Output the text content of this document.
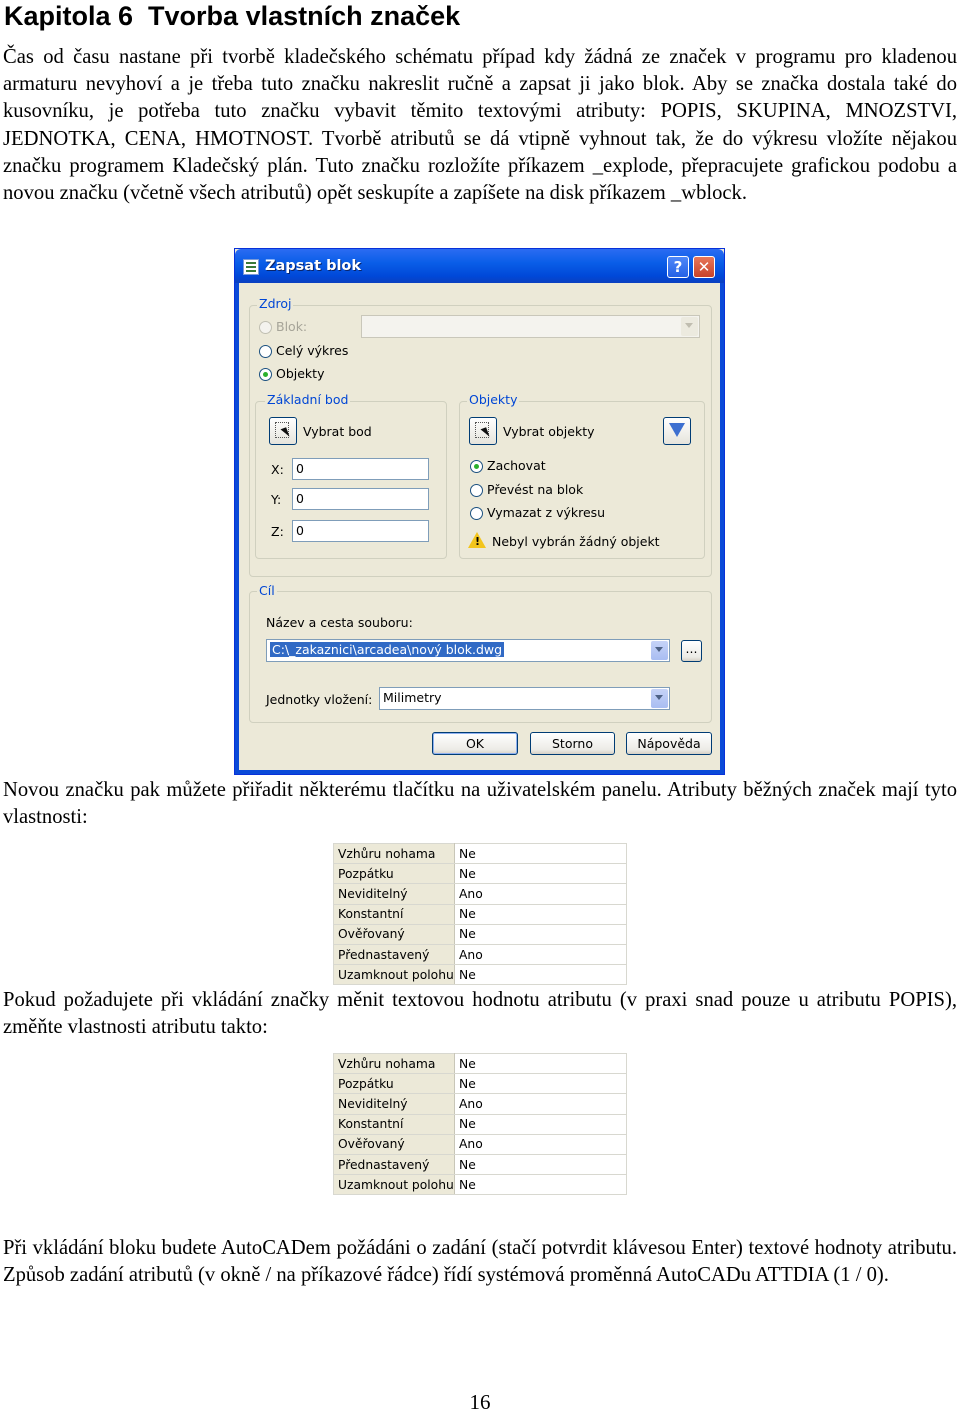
Kapitola 6 Tvorba vlastních značek

Čas od času nastane při tvorbě kladečského schématu případ kdy žádná ze značek v programu pro kladenou armaturu nevyhoví a je třeba tuto značku nakreslit ručně a zapsat ji jako blok. Aby se značka dostala také do kusovníku, je potřeba tuto značku vybavit těmito textovými atributy: POPIS, SKUPINA, MNOZSTVI, JEDNOTKA, CENA, HMOTNOST. Tvorbě atributů se dá vtipně vyhnout tak, že do výkresu vložíte nějakou značku programem Kladečský plán. Tuto značku rozložíte příkazem _explode, přepracujete grafickou podobu a novou značku (včetně všech atributů) opět seskupíte a zapíšete na disk příkazem _wblock.

Zapsat blok	?	✕
Zdroj
Blok:
Celý výkres
Objekty
Základní bod
Vybrat bod
X: 0
Y:	0
Z: 0
Objekty
Vybrat objekty
Zachovat
Převést na blok
Vymazat z výkresu
! Nebyl vybrán žádný objekt
Cíl
Název a cesta souboru:
C:\_zakaznici\arcadea\nový blok.dwg	...
Jednotky vložení: Milimetry
OK	Storno	Nápověda

Novou značku pak můžete přiřadit některému tlačítku na uživatelském panelu. Atributy běžných značek mají tyto vlastnosti:

Vzhůru nohama	Ne
Pozpátku	Ne
Neviditelný	Ano
Konstantní	Ne
Ověřovaný	Ne
Přednastavený	Ano
Uzamknout polohu	Ne

Pokud požadujete při vkládání značky měnit textovou hodnotu atributu (v praxi snad pouze u atributu POPIS), změňte vlastnosti atributu takto:

Vzhůru nohama	Ne
Pozpátku	Ne
Neviditelný	Ano
Konstantní	Ne
Ověřovaný	Ano
Přednastavený	Ne
Uzamknout polohu	Ne

Při vkládání bloku budete AutoCADem požádáni o zadání (stačí potvrdit klávesou Enter) textové hodnoty atributu. Způsob zadání atributů (v okně / na příkazové řádce) řídí systémová proměnná AutoCADu ATTDIA (1 / 0).

16
